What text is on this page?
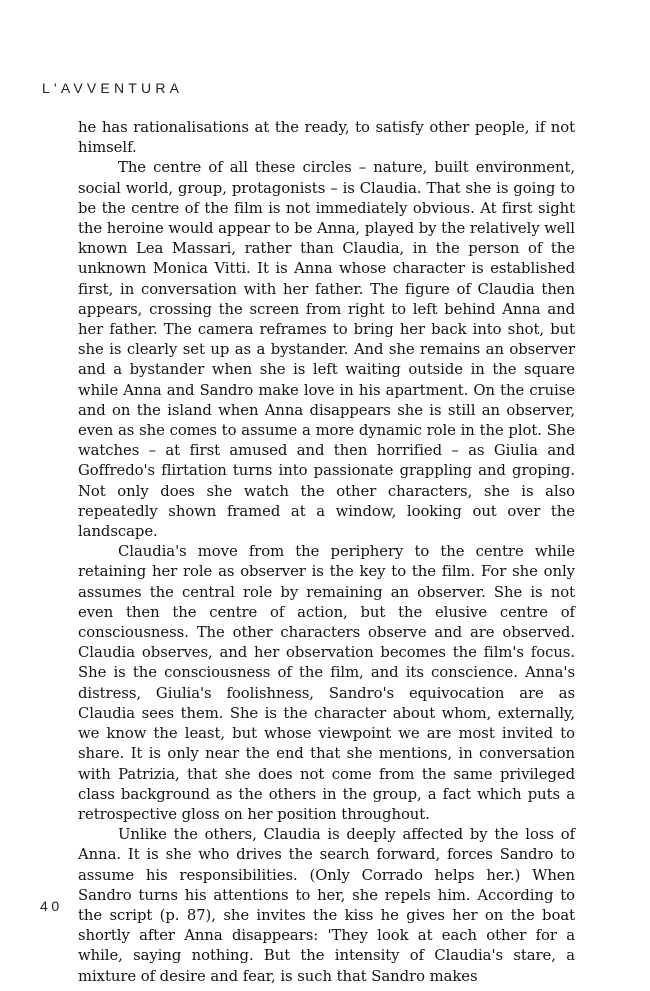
L'AVVENTURA

he has rationalisations at the ready, to satisfy other people, if not himself.

The centre of all these circles – nature, built environment, social world, group, protagonists – is Claudia. That she is going to be the centre of the film is not immediately obvious. At first sight the heroine would appear to be Anna, played by the relatively well known Lea Massari, rather than Claudia, in the person of the unknown Monica Vitti. It is Anna whose character is established first, in conversation with her father. The figure of Claudia then appears, crossing the screen from right to left behind Anna and her father. The camera reframes to bring her back into shot, but she is clearly set up as a bystander. And she remains an observer and a bystander when she is left waiting outside in the square while Anna and Sandro make love in his apartment. On the cruise and on the island when Anna disappears she is still an observer, even as she comes to assume a more dynamic role in the plot. She watches – at first amused and then horrified – as Giulia and Goffredo's flirtation turns into passionate grappling and groping. Not only does she watch the other characters, she is also repeatedly shown framed at a window, looking out over the landscape.

Claudia's move from the periphery to the centre while retaining her role as observer is the key to the film. For she only assumes the central role by remaining an observer. She is not even then the centre of action, but the elusive centre of consciousness. The other characters observe and are observed. Claudia observes, and her observation becomes the film's focus. She is the consciousness of the film, and its conscience. Anna's distress, Giulia's foolishness, Sandro's equivocation are as Claudia sees them. She is the character about whom, externally, we know the least, but whose viewpoint we are most invited to share. It is only near the end that she mentions, in conversation with Patrizia, that she does not come from the same privileged class background as the others in the group, a fact which puts a retrospective gloss on her position throughout.

Unlike the others, Claudia is deeply affected by the loss of Anna. It is she who drives the search forward, forces Sandro to assume his responsibilities. (Only Corrado helps her.) When Sandro turns his attentions to her, she repels him. According to the script (p. 87), she invites the kiss he gives her on the boat shortly after Anna disappears: 'They look at each other for a while, saying nothing. But the intensity of Claudia's stare, a mixture of desire and fear, is such that Sandro makes

40
